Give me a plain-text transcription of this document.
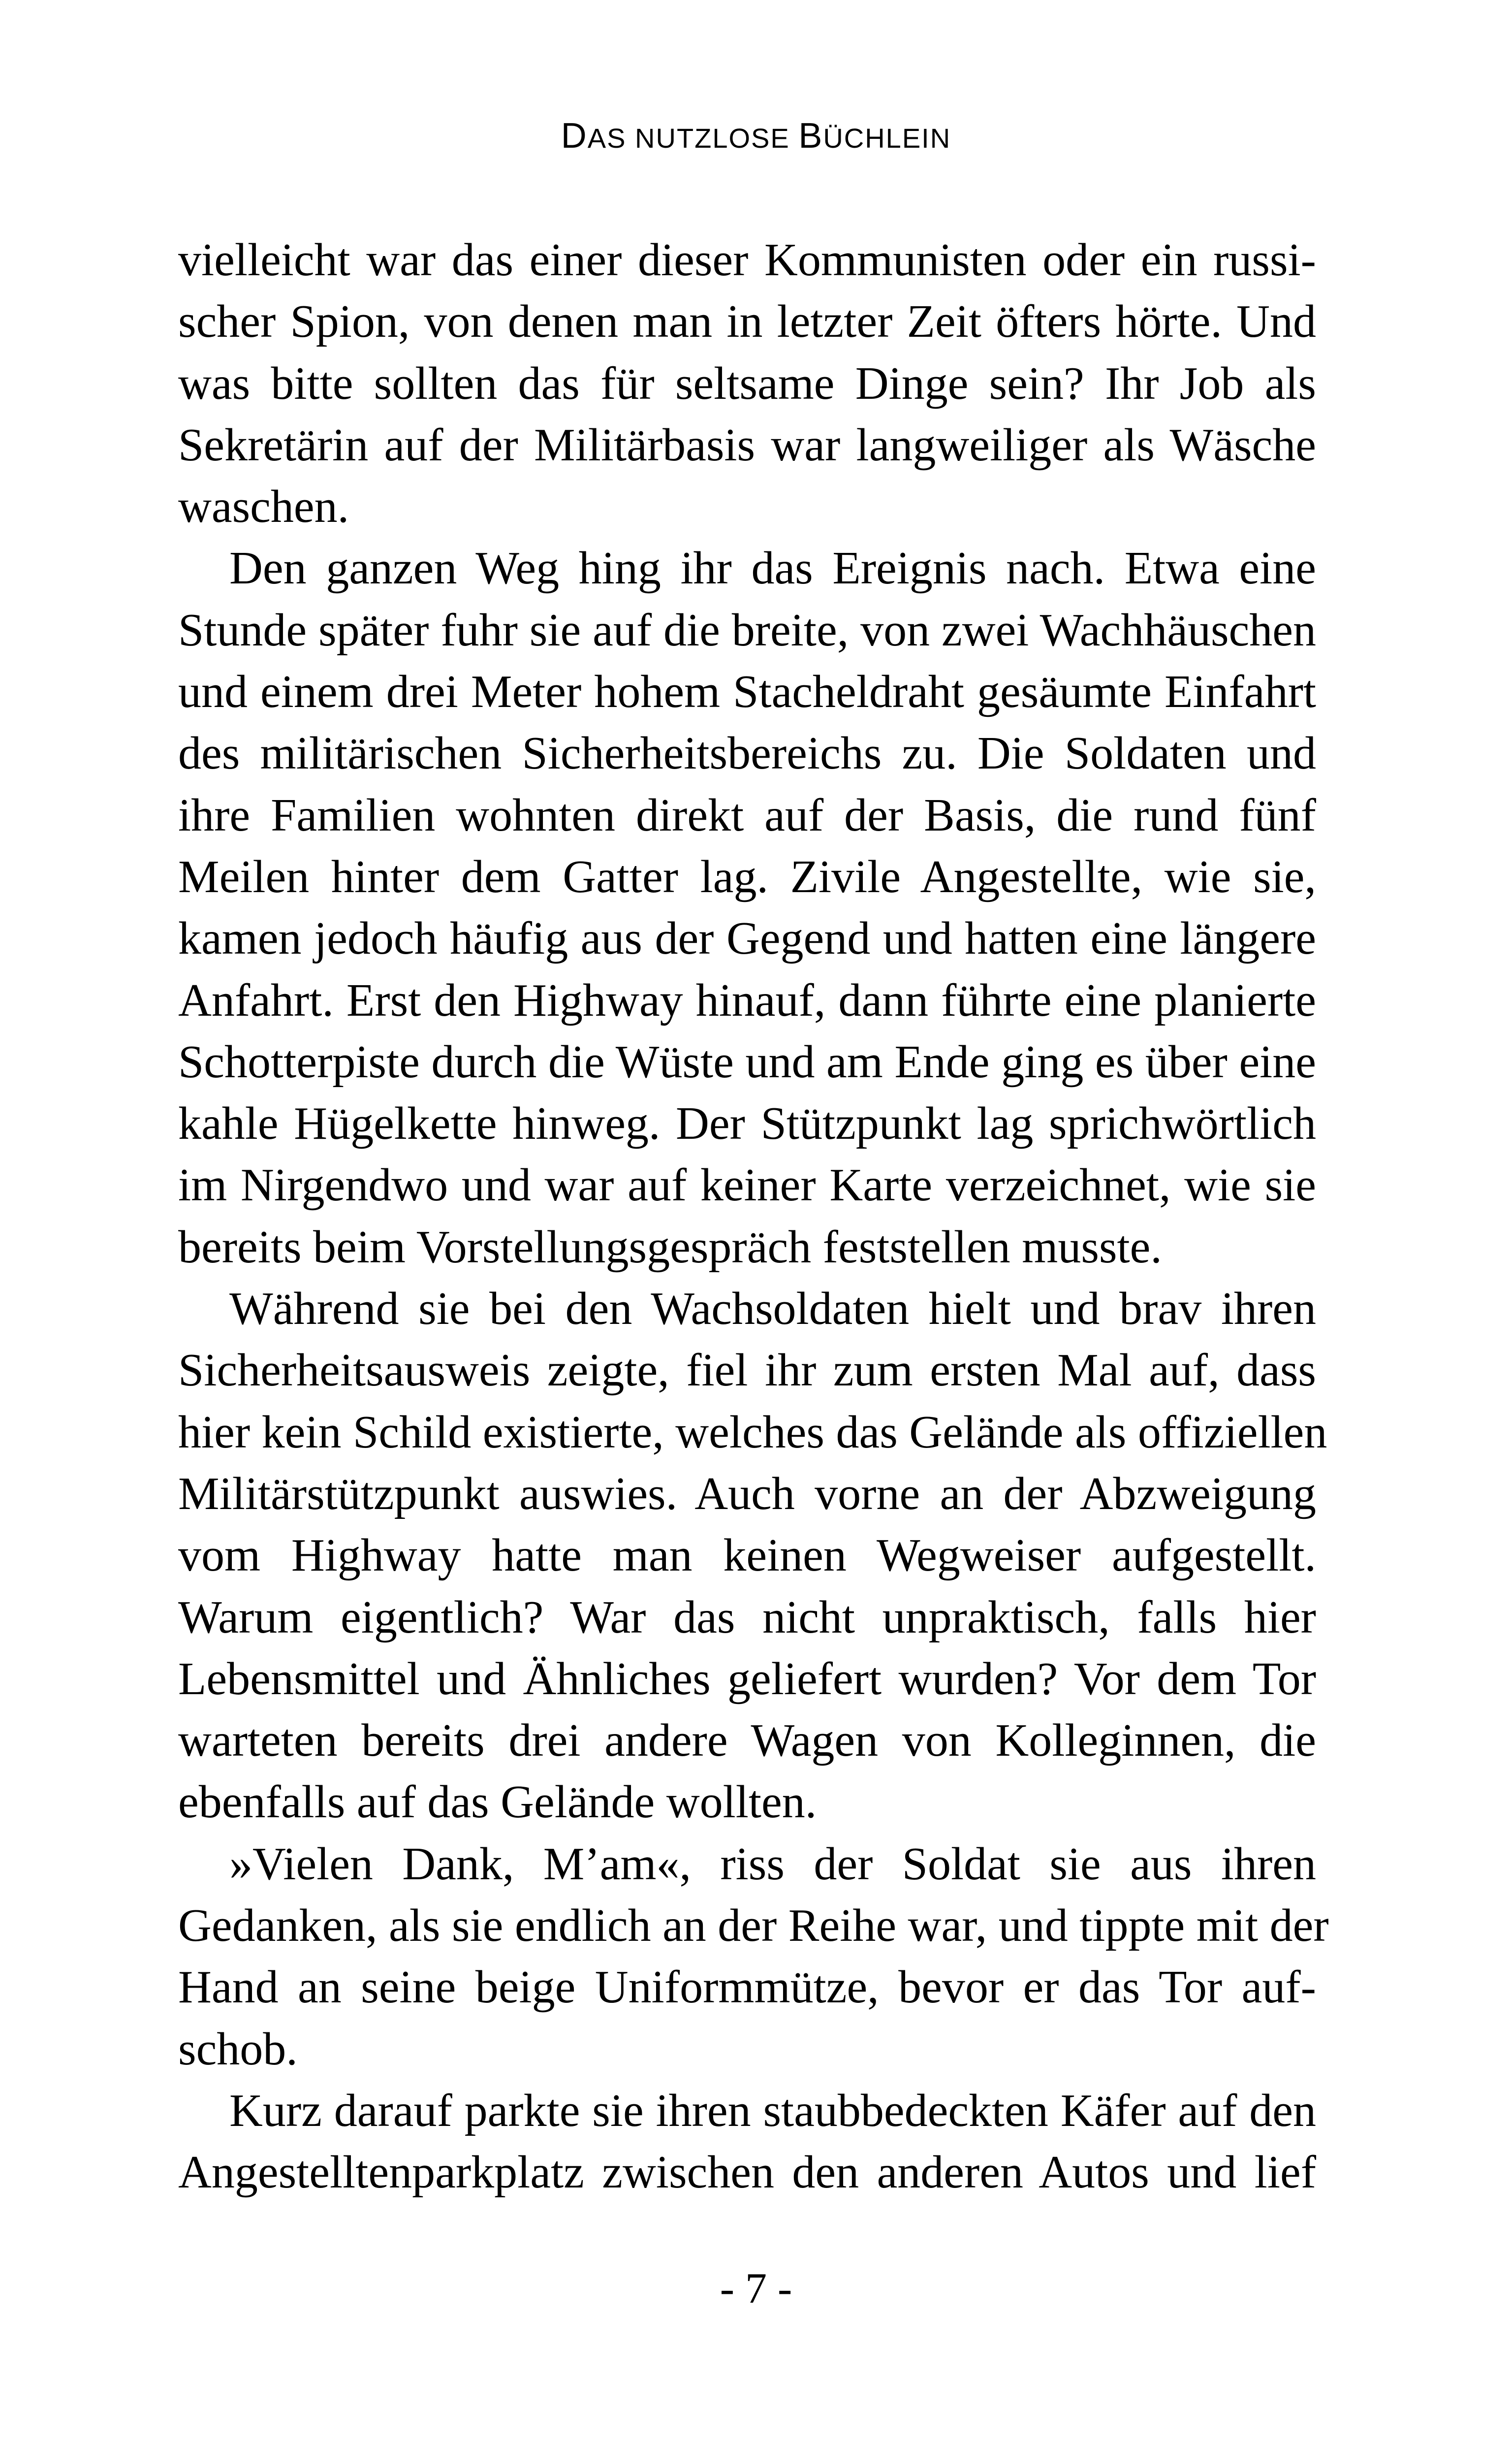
DAS NUTZLOSE BÜCHLEIN
vielleicht war das einer dieser Kommunisten oder ein russi-
scher Spion, von denen man in letzter Zeit öfters hörte. Und
was bitte sollten das für seltsame Dinge sein? Ihr Job als
Sekretärin auf der Militärbasis war langweiliger als Wäsche
waschen.
Den ganzen Weg hing ihr das Ereignis nach. Etwa eine
Stunde später fuhr sie auf die breite, von zwei Wachhäuschen
und einem drei Meter hohem Stacheldraht gesäumte Einfahrt
des militärischen Sicherheitsbereichs zu. Die Soldaten und
ihre Familien wohnten direkt auf der Basis, die rund fünf
Meilen hinter dem Gatter lag. Zivile Angestellte, wie sie,
kamen jedoch häufig aus der Gegend und hatten eine längere
Anfahrt. Erst den Highway hinauf, dann führte eine planierte
Schotterpiste durch die Wüste und am Ende ging es über eine
kahle Hügelkette hinweg. Der Stützpunkt lag sprichwörtlich
im Nirgendwo und war auf keiner Karte verzeichnet, wie sie
bereits beim Vorstellungsgespräch feststellen musste.
Während sie bei den Wachsoldaten hielt und brav ihren
Sicherheitsausweis zeigte, fiel ihr zum ersten Mal auf, dass
hier kein Schild existierte, welches das Gelände als offiziellen
Militärstützpunkt auswies. Auch vorne an der Abzweigung
vom Highway hatte man keinen Wegweiser aufgestellt.
Warum eigentlich? War das nicht unpraktisch, falls hier
Lebensmittel und Ähnliches geliefert wurden? Vor dem Tor
warteten bereits drei andere Wagen von Kolleginnen, die
ebenfalls auf das Gelände wollten.
»Vielen Dank, M’am«, riss der Soldat sie aus ihren
Gedanken, als sie endlich an der Reihe war, und tippte mit der
Hand an seine beige Uniformmütze, bevor er das Tor auf-
schob.
Kurz darauf parkte sie ihren staubbedeckten Käfer auf den
Angestelltenparkplatz zwischen den anderen Autos und lief
- 7 -
